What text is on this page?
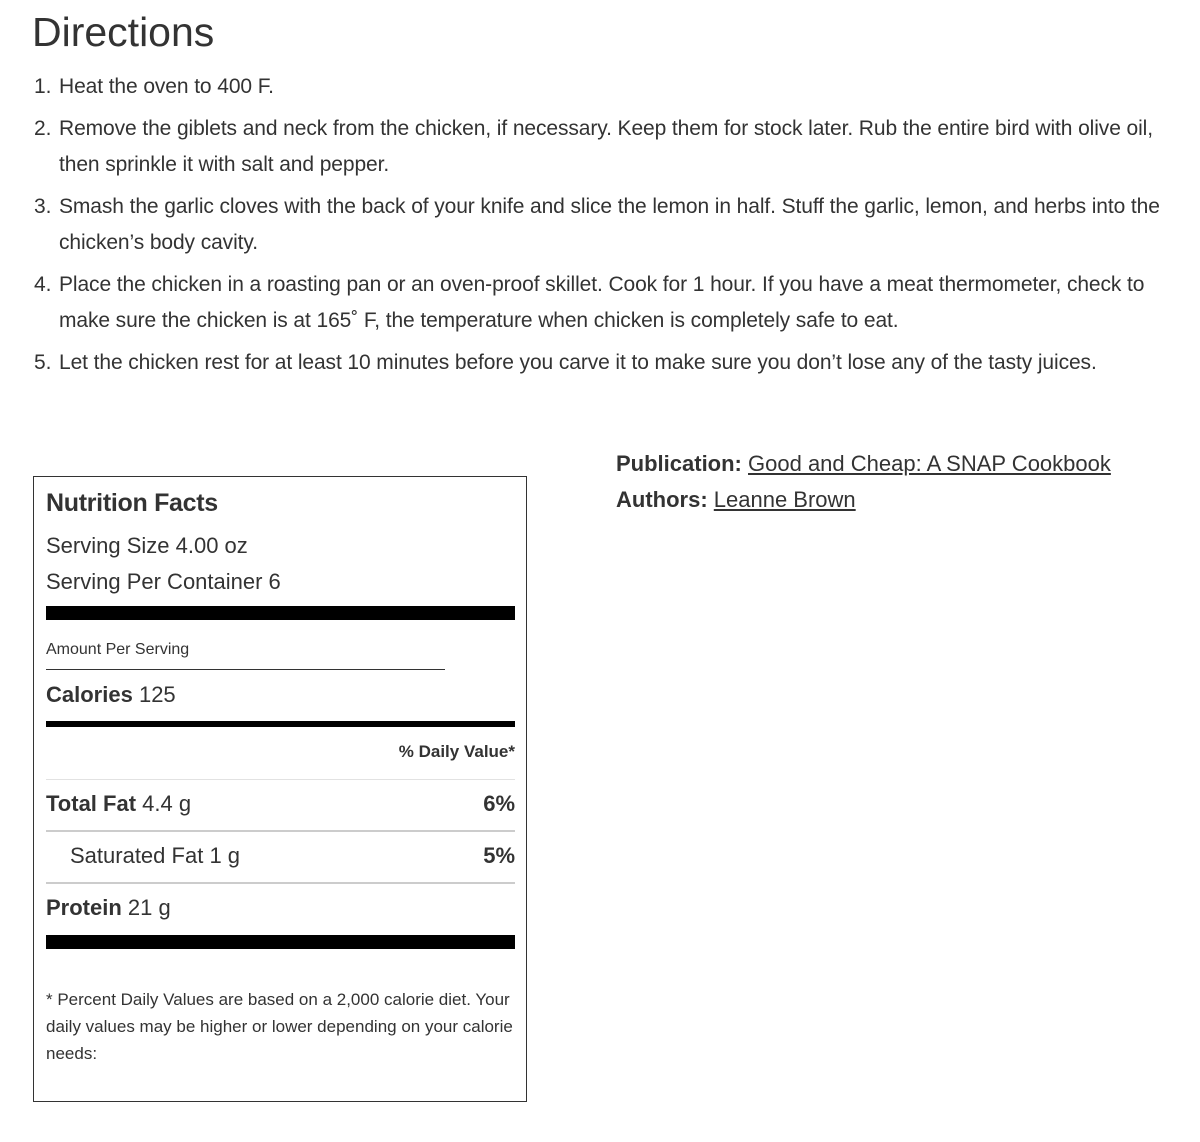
Directions
1. Heat the oven to 400 F.
2. Remove the giblets and neck from the chicken, if necessary. Keep them for stock later. Rub the entire bird with olive oil, then sprinkle it with salt and pepper.
3. Smash the garlic cloves with the back of your knife and slice the lemon in half. Stuff the garlic, lemon, and herbs into the chicken’s body cavity.
4. Place the chicken in a roasting pan or an oven-proof skillet. Cook for 1 hour. If you have a meat thermometer, check to make sure the chicken is at 165˚ F, the temperature when chicken is completely safe to eat.
5. Let the chicken rest for at least 10 minutes before you carve it to make sure you don’t lose any of the tasty juices.
Nutrition Facts
Serving Size 4.00 oz
Serving Per Container 6
Amount Per Serving
Calories 125
% Daily Value*
Total Fat 4.4 g	6%
Saturated Fat 1 g	5%
Protein 21 g
* Percent Daily Values are based on a 2,000 calorie diet. Your daily values may be higher or lower depending on your calorie needs:
Publication: Good and Cheap: A SNAP Cookbook
Authors: Leanne Brown
